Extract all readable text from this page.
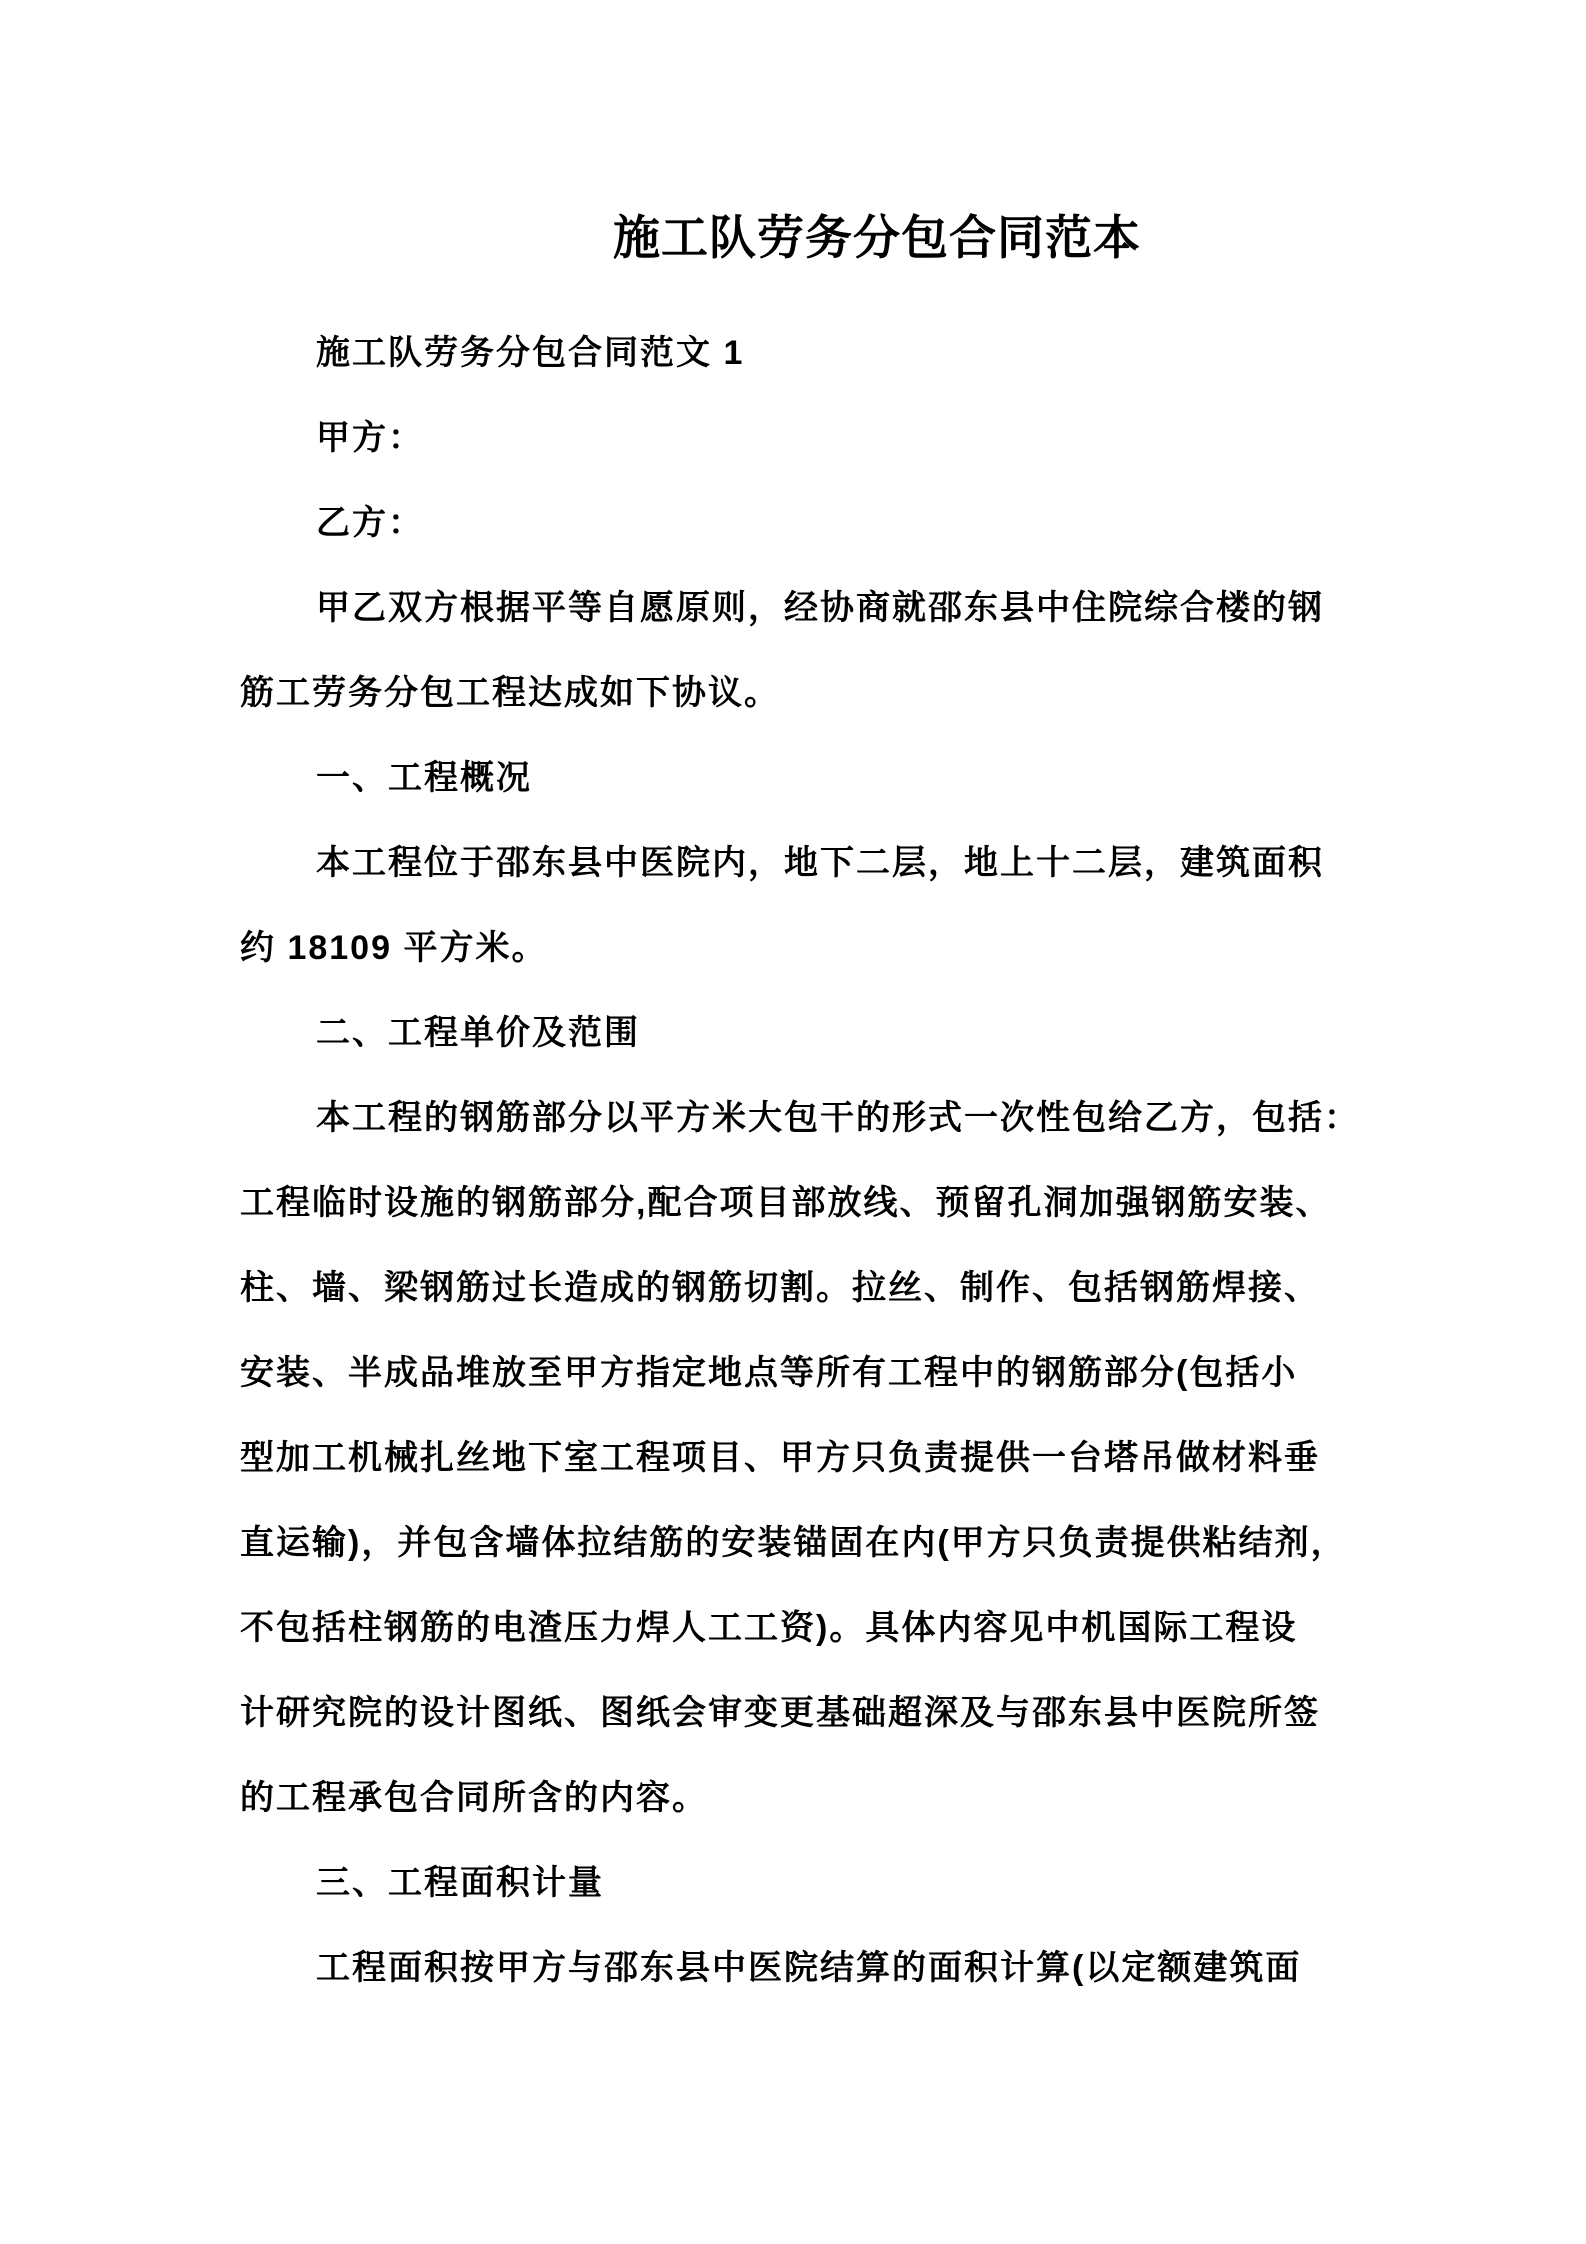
施工队劳务分包合同范本
施工队劳务分包合同范文 1
甲方：
乙方：
甲乙双方根据平等自愿原则，经协商就邵东县中住院综合楼的钢
筋工劳务分包工程达成如下协议。
一、工程概况
本工程位于邵东县中医院内，地下二层，地上十二层，建筑面积
约 18109 平方米。
二、工程单价及范围
本工程的钢筋部分以平方米大包干的形式一次性包给乙方，包括：
工程临时设施的钢筋部分,配合项目部放线、预留孔洞加强钢筋安装、
柱、墙、梁钢筋过长造成的钢筋切割。拉丝、制作、包括钢筋焊接、
安装、半成品堆放至甲方指定地点等所有工程中的钢筋部分(包括小
型加工机械扎丝地下室工程项目、甲方只负责提供一台塔吊做材料垂
直运输)，并包含墙体拉结筋的安装锚固在内(甲方只负责提供粘结剂，
不包括柱钢筋的电渣压力焊人工工资)。具体内容见中机国际工程设
计研究院的设计图纸、图纸会审变更基础超深及与邵东县中医院所签
的工程承包合同所含的内容。
三、工程面积计量
工程面积按甲方与邵东县中医院结算的面积计算(以定额建筑面
